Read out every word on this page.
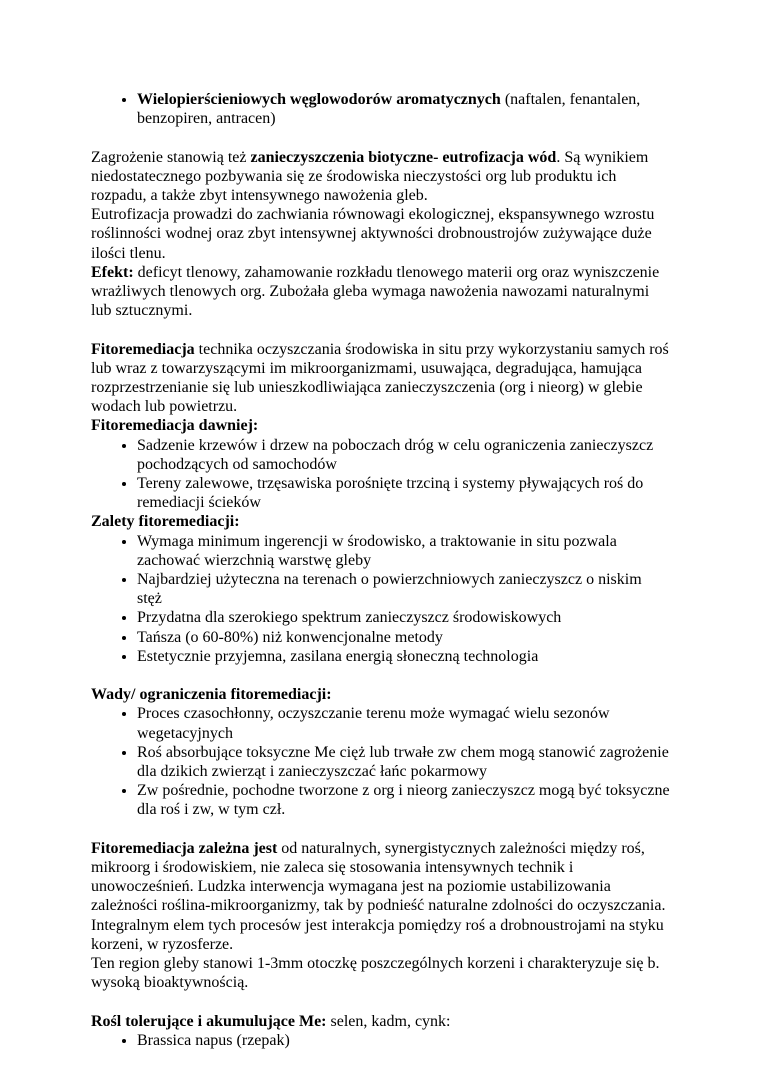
• Wielopierścieniowych węglowodorów aromatycznych (naftalen, fenantalen, benzopiren, antracen)

Zagrożenie stanowią też zanieczyszczenia biotyczne- eutrofizacja wód. Są wynikiem niedostatecznego pozbywania się ze środowiska nieczystości org lub produktu ich rozpadu, a także zbyt intensywnego nawożenia gleb.

Eutrofizacja prowadzi do zachwiania równowagi ekologicznej, ekspansywnego wzrostu roślinności wodnej oraz zbyt intensywnej aktywności drobnoustrojów zużywające duże ilości tlenu.

Efekt: deficyt tlenowy, zahamowanie rozkładu tlenowego materii org oraz wyniszczenie wrażliwych tlenowych org. Zubożała gleba wymaga nawożenia nawozami naturalnymi lub sztucznymi.

Fitoremediacja technika oczyszczania środowiska in situ przy wykorzystaniu samych roś lub wraz z towarzyszącymi im mikroorganizmami, usuwająca, degradująca, hamująca rozprzestrzenianie się lub unieszkodliwiająca zanieczyszczenia (org i nieorg) w glebie wodach lub powietrzu.

Fitoremediacja dawniej:

• Sadzenie krzewów i drzew na poboczach dróg w celu ograniczenia zanieczyszcz pochodzących od samochodów
• Tereny zalewowe, trzęsawiska porośnięte trzciną i systemy pływających roś do remediacji ścieków

Zalety fitoremediacji:

• Wymaga minimum ingerencji w środowisko, a traktowanie in situ pozwala zachować wierzchnią warstwę gleby
• Najbardziej użyteczna na terenach o powierzchniowych zanieczyszcz o niskim stęż
• Przydatna dla szerokiego spektrum zanieczyszcz środowiskowych
• Tańsza (o 60-80%) niż konwencjonalne metody
• Estetycznie przyjemna, zasilana energią słoneczną technologia

Wady/ ograniczenia fitoremediacji:

• Proces czasochłonny, oczyszczanie terenu może wymagać wielu sezonów wegetacyjnych
• Roś absorbujące toksyczne Me cięż lub trwałe zw chem mogą stanowić zagrożenie dla dzikich zwierząt i zanieczyszczać łańc pokarmowy
• Zw pośrednie, pochodne tworzone z org i nieorg zanieczyszcz mogą być toksyczne dla roś i zw, w tym czł.

Fitoremediacja zależna jest od naturalnych, synergistycznych zależności między roś, mikroorg i środowiskiem, nie zaleca się stosowania intensywnych technik i unowocześnień. Ludzka interwencja wymagana jest na poziomie ustabilizowania zależności roślina-mikroorganizmy, tak by podnieść naturalne zdolności do oczyszczania. Integralnym elem tych procesów jest interakcja pomiędzy roś a drobnoustrojami na styku korzeni, w ryzosferze.

Ten region gleby stanowi 1-3mm otoczkę poszczególnych korzeni i charakteryzuje się b. wysoką bioaktywnością.

Rośl tolerujące i akumulujące Me: selen, kadm, cynk:

• Brassica napus (rzepak)
